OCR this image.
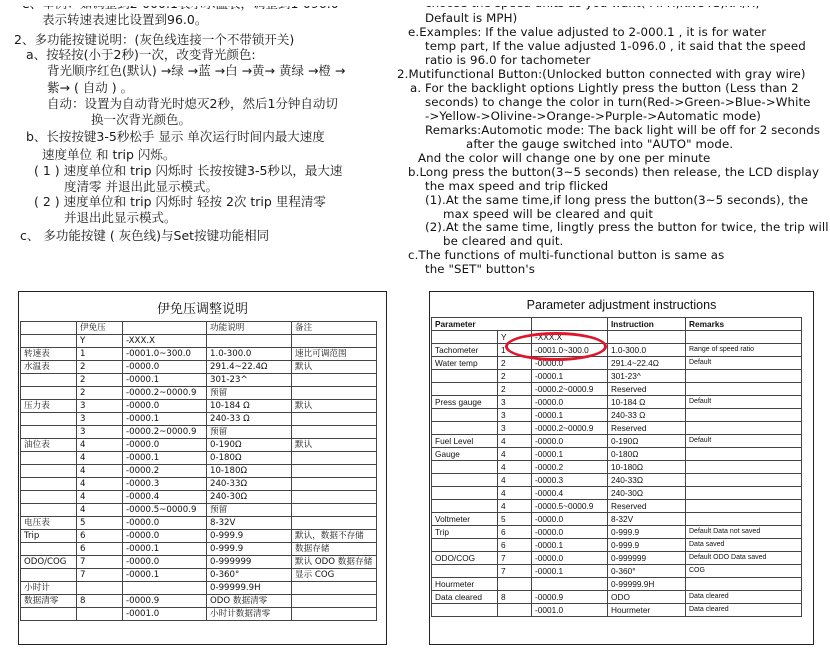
表示转速表速比设置到96.0。
2、多功能按键说明：(灰色线连接一个不带锁开关)
a、按轻按(小于2秒)一次，改变背光颜色:
背光顺序红色(默认) →绿 →蓝 →白 →黄→ 黄绿 →橙 →
紫→ ( 自动 ) 。
自动：设置为自动背光时熄灭2秒，然后1分钟自动切
换一次背光颜色。
b、长按按键3-5秒松手 显示 单次运行时间内最大速度
速度单位 和 trip 闪烁。
( 1 ) 速度单位和 trip 闪烁时 长按按键3-5秒以，最大速
度清零 并退出此显示模式。
( 2 ) 速度单位和 trip 闪烁时 轻按 2次 trip 里程清零
并退出此显示模式。
c、 多功能按键 ( 灰色线)与Set按键功能相同
Default is MPH)
e.Examples: If the value adjusted to 2-000.1 , it is for water
temp part, If the value adjusted 1-096.0 , it said that the speed
ratio is 96.0 for tachometer
2.Mutifunctional Button:(Unlocked button connected with gray wire)
a. For the backlight options Lightly press the button (Less than 2
seconds) to change the color in turn(Red->Green->Blue->White
->Yellow->Olivine->Orange->Purple->Automatic mode)
Remarks:Automotic mode: The back light will be off for 2 seconds
after the gauge switched into "AUTO" mode.
And the color will change one by one per minute
b.Long press the button(3~5 seconds) then release, the LCD display
the max speed and trip flicked
(1).At the same time,if long press the button(3~5 seconds), the
max speed will be cleared and quit
(2).At the same time, lingtly press the button for twice, the trip will
be cleared and quit.
c.The functions of multi-functional button is same as
the "SET" button's
伊免压调整说明
	伊免压		功能说明	备注
	Y	-XXX.X		
转速表	1	-0001.0~300.0	1.0-300.0	速比可调范围
水温表	2	-0000.0	291.4~22.4Ω	默认
	2	-0000.1	301-23^	
	2	-0000.2~0000.9	预留	
压力表	3	-0000.0	10-184 Ω	默认
	3	-0000.1	240-33 Ω	
	3	-0000.2~0000.9	预留	
油位表	4	-0000.0	0-190Ω	默认
	4	-0000.1	0-180Ω	
	4	-0000.2	10-180Ω	
	4	-0000.3	240-33Ω	
	4	-0000.4	240-30Ω	
	4	-0000.5~0000.9	预留	
电压表	5	-0000.0	8-32V	
Trip	6	-0000.0	0-999.9	默认，数据不存储
	6	-0000.1	0-999.9	数据存储
ODO/COG	7	-0000.0	0-999999	默认 ODO 数据存储
	7	-0000.1	0-360°	显示 COG
小时计			0-99999.9H	
数据清零	8	-0000.9	ODO 数据清零	
		-0001.0	小时计数据清零	
Parameter adjustment instructions
Parameter			Instruction	Remarks
	Y	-XXX.X		
Tachometer	1	-0001.0~300.0	1.0-300.0	Range of speed ratio
Water temp	2	-0000.0	291.4~22.4Ω	Default
	2	-0000.1	301-23^	
	2	-0000.2~0000.9	Reserved	
Press gauge	3	-0000.0	10-184 Ω	Default
	3	-0000.1	240-33 Ω	
	3	-0000.2~0000.9	Reserved	
Fuel Level	4	-0000.0	0-190Ω	Default
Gauge	4	-0000.1	0-180Ω	
	4	-0000.2	10-180Ω	
	4	-0000.3	240-33Ω	
	4	-0000.4	240-30Ω	
	4	-0000.5~0000.9	Reserved	
Voltmeter	5	-0000.0	8-32V	
Trip	6	-0000.0	0-999.9	Default Data not saved
	6	-0000.1	0-999.9	Data saved
ODO/COG	7	-0000.0	0-999999	Default ODO Data saved
	7	-0000.1	0-360°	COG
Hourmeter			0-99999.9H	
Data cleared	8	-0000.9	ODO	Data cleared
		-0001.0	Hourmeter	Data cleared
